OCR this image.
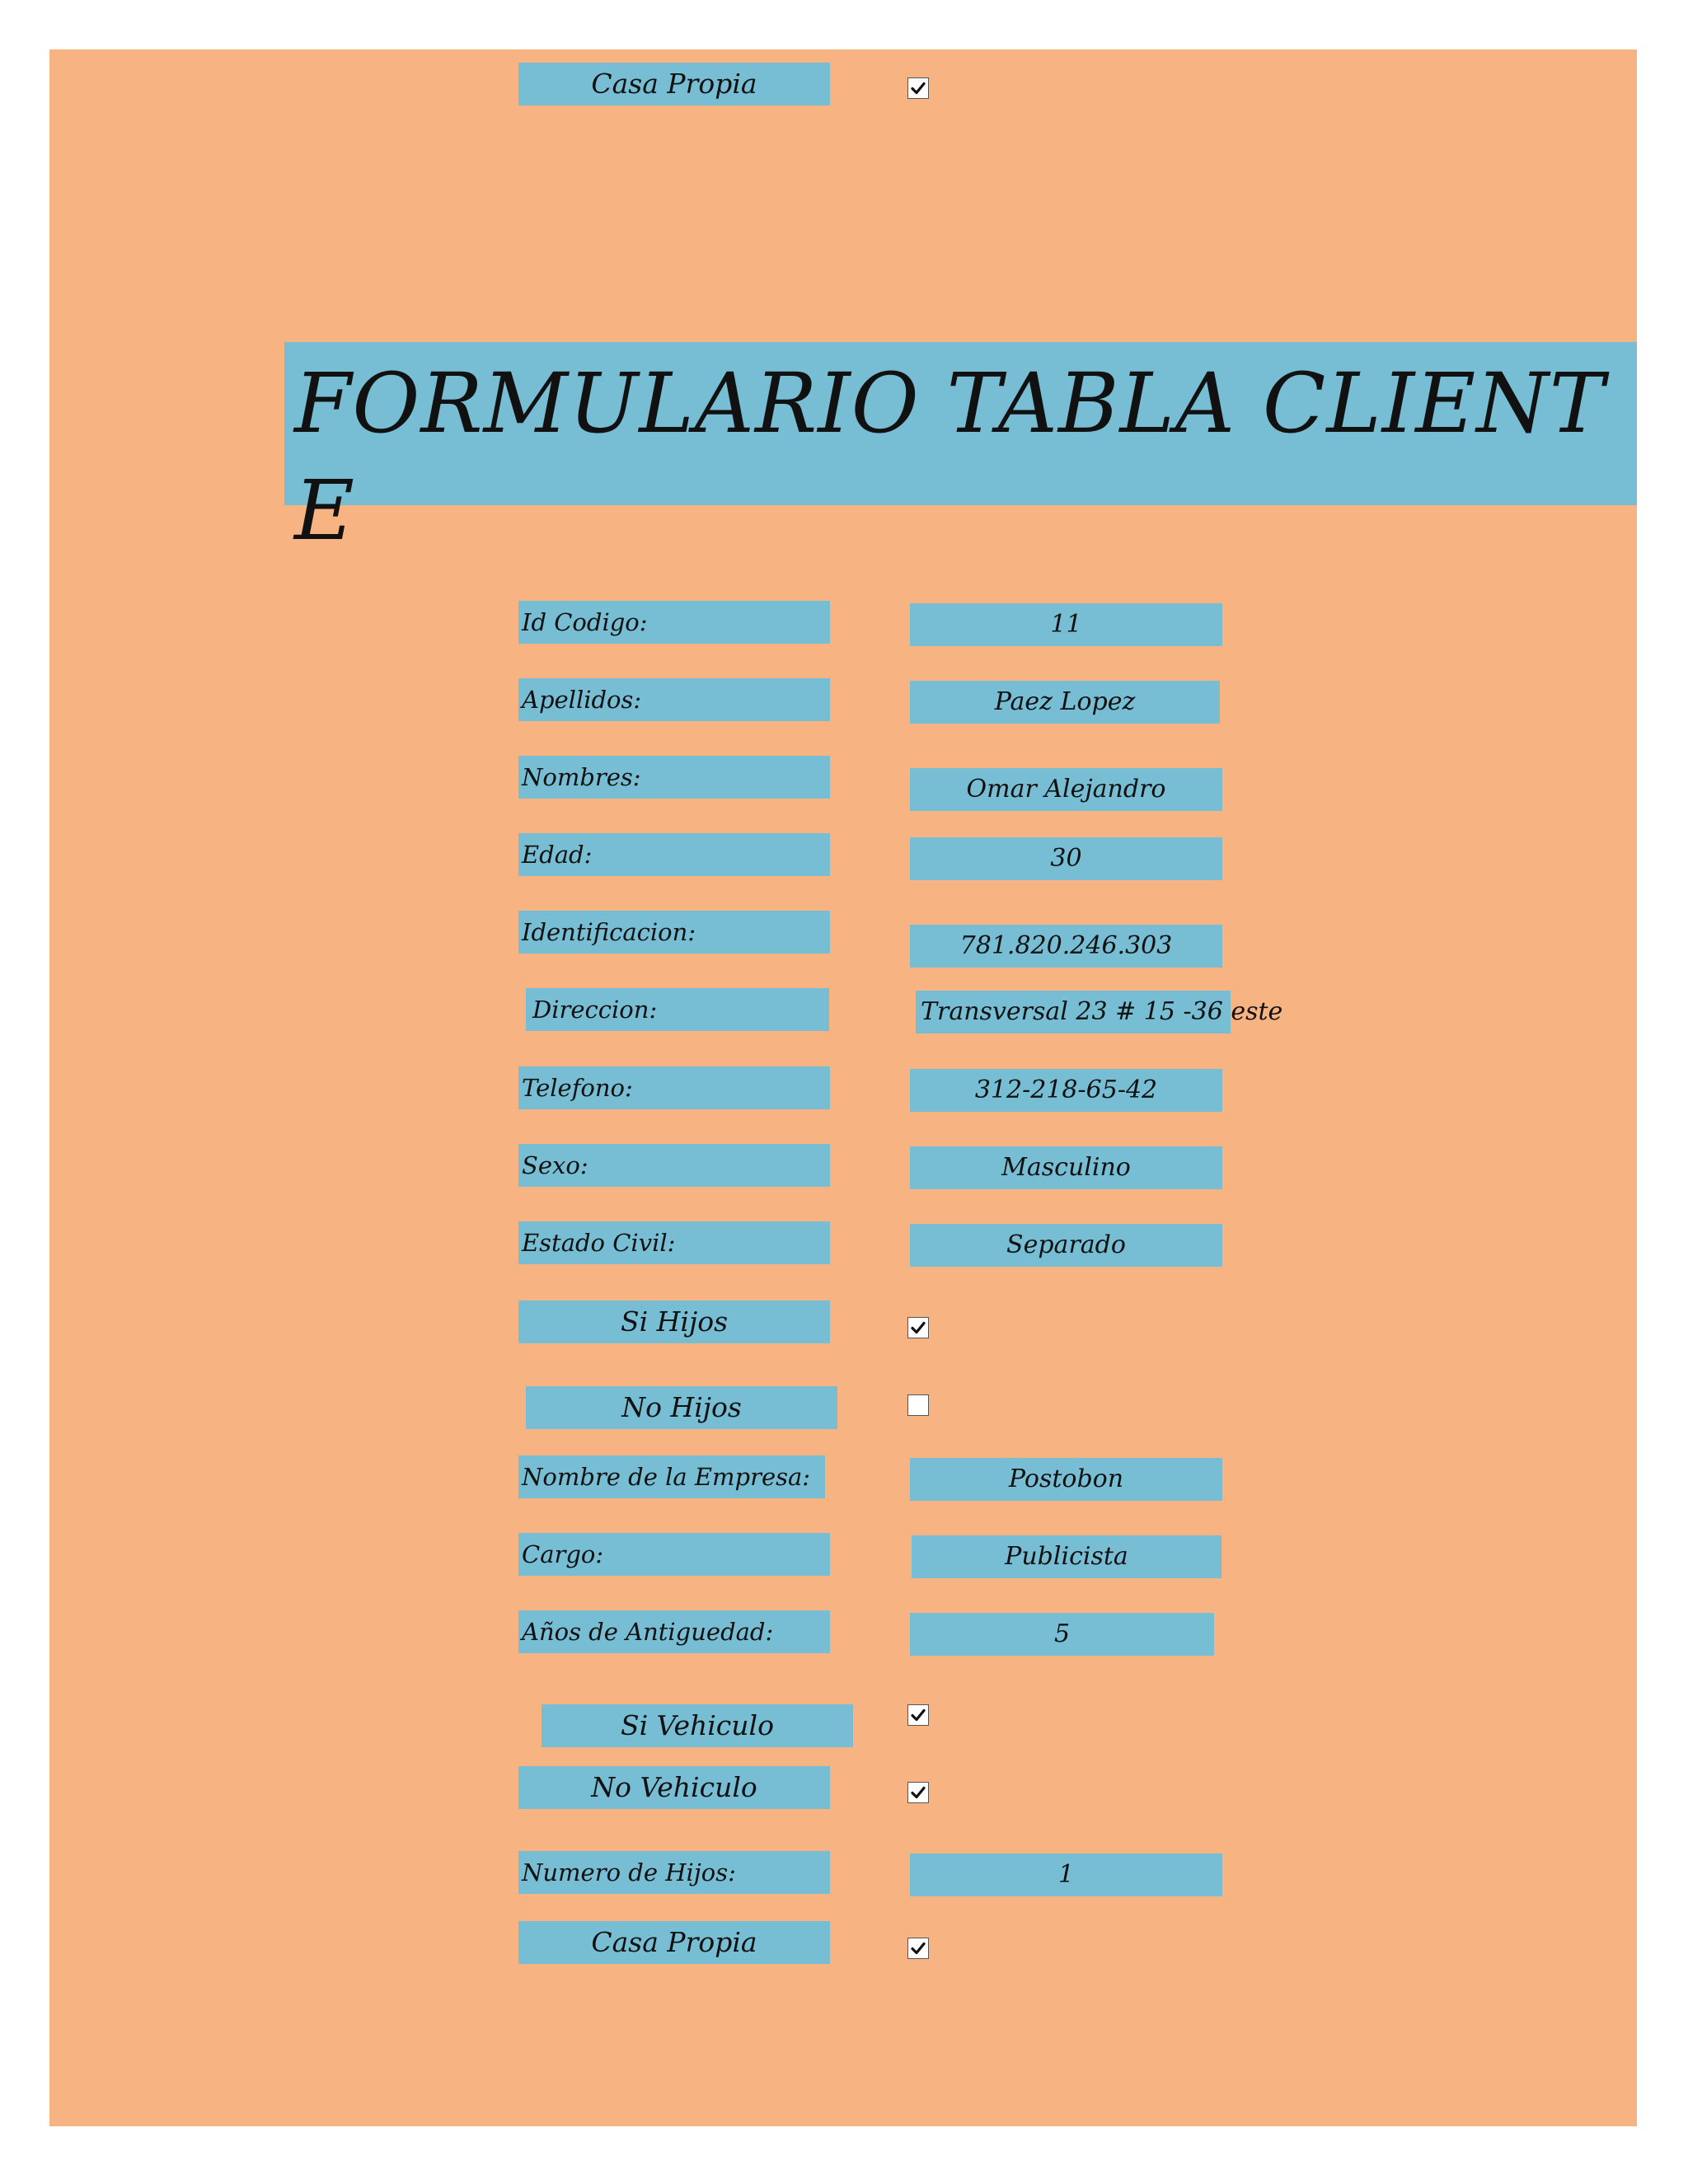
Casa Propia
FORMULARIO TABLA CLIENTE
Id Codigo:	11
Apellidos:	Paez Lopez
Nombres:	Omar Alejandro
Edad:	30
Identificacion:	781.820.246.303
Direccion:	Transversal 23 # 15 -36 este
Telefono:	312-218-65-42
Sexo:	Masculino
Estado Civil:	Separado
Si Hijos
No Hijos
Nombre de la Empresa:	Postobon
Cargo:	Publicista
Años de Antiguedad:	5
Si Vehiculo
No Vehiculo
Numero de Hijos:	1
Casa Propia
